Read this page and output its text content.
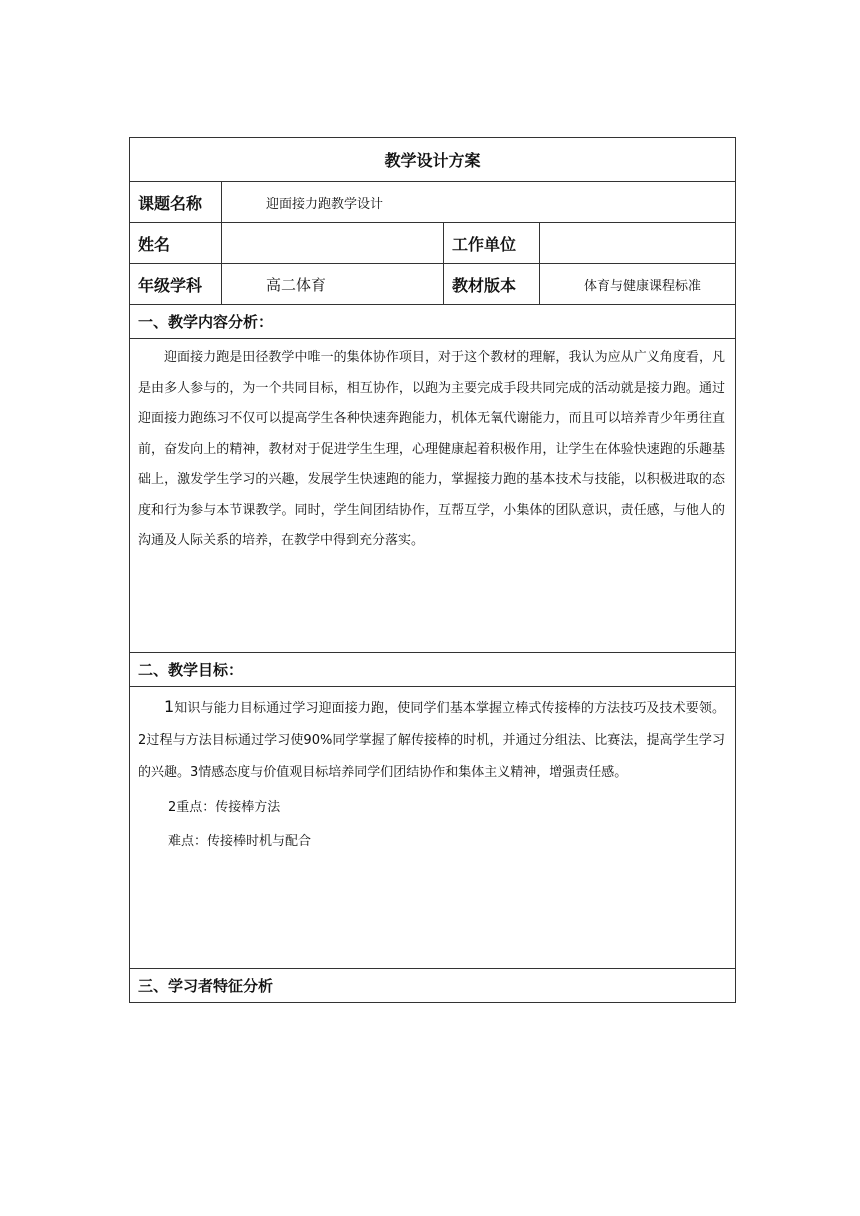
教学设计方案			
课题名称	迎面接力跑教学设计		
姓名		工作单位	
年级学科	高二体育	教材版本	体育与健康课程标准
一、教学内容分析：			

迎面接力跑是田径教学中唯一的集体协作项目，对于这个教材的理解，我认为应从广义角度看，凡是由多人参与的，为一个共同目标，相互协作，以跑为主要完成手段共同完成的活动就是接力跑。通过迎面接力跑练习不仅可以提高学生各种快速奔跑能力，机体无氧代谢能力，而且可以培养青少年勇往直前，奋发向上的精神，教材对于促进学生生理，心理健康起着积极作用，让学生在体验快速跑的乐趣基础上，激发学生学习的兴趣，发展学生快速跑的能力，掌握接力跑的基本技术与技能，以积极进取的态度和行为参与本节课教学。同时，学生间团结协作，互帮互学，小集体的团队意识，责任感，与他人的沟通及人际关系的培养，在教学中得到充分落实。			

二、教学目标：			

1知识与能力目标通过学习迎面接力跑，使同学们基本掌握立棒式传接棒的方法技巧及技术要领。2过程与方法目标通过学习使90%同学掌握了解传接棒的时机，并通过分组法、比赛法，提高学生学习的兴趣。3情感态度与价值观目标培养同学们团结协作和集体主义精神，增强责任感。
2重点：传接棒方法
难点：传接棒时机与配合			

三、学习者特征分析			
